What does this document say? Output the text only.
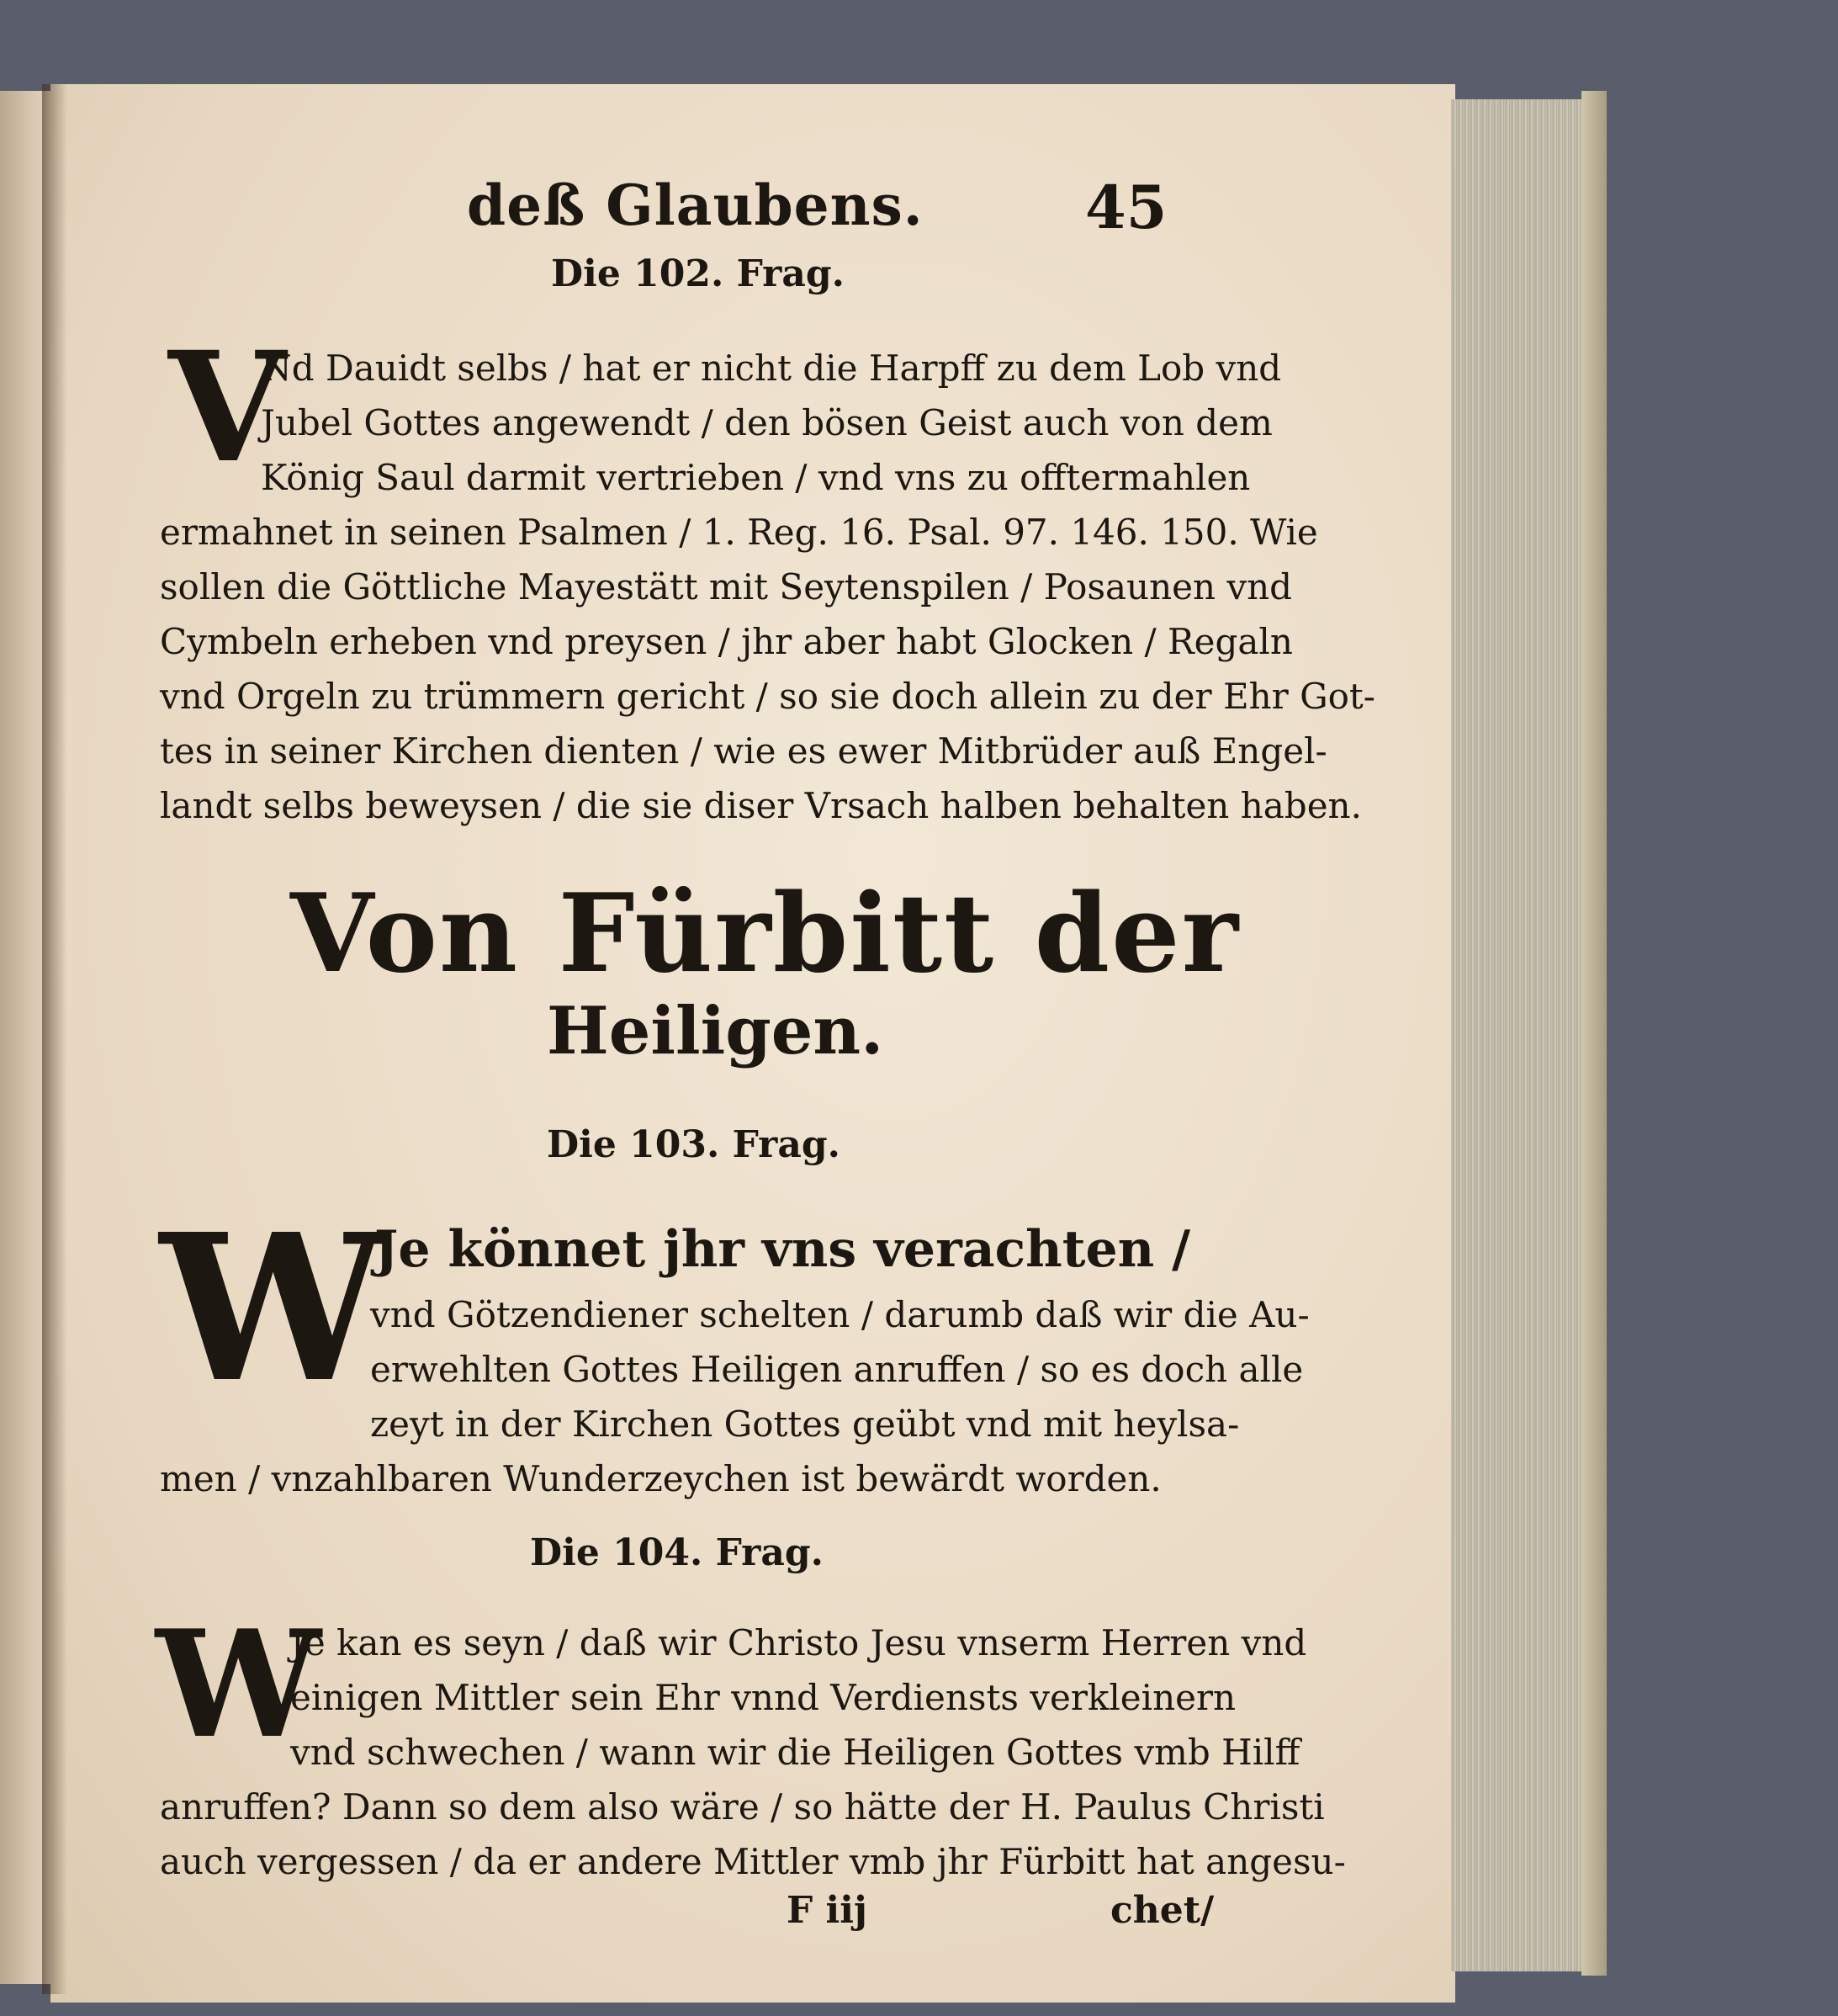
deß Glaubens.	45
Die 102. Frag.
V
Nd Dauidt selbs / hat er nicht die Harpff zu dem Lob vnd
Jubel Gottes angewendt / den bösen Geist auch von dem
König Saul darmit vertrieben / vnd vns zu offtermahlen
ermahnet in seinen Psalmen / 1. Reg. 16. Psal. 97. 146. 150. Wie
sollen die Göttliche Mayestätt mit Seytenspilen / Posaunen vnd
Cymbeln erheben vnd preysen / jhr aber habt Glocken / Regaln
vnd Orgeln zu trümmern gericht / so sie doch allein zu der Ehr Got-
tes in seiner Kirchen dienten / wie es ewer Mitbrüder auß Engel-
landt selbs beweysen / die sie diser Vrsach halben behalten haben.
Von Fürbitt der
Heiligen.
Die 103. Frag.
W
Je könnet jhr vns verachten /
vnd Götzendiener schelten / darumb daß wir die Au-
erwehlten Gottes Heiligen anruffen / so es doch alle
zeyt in der Kirchen Gottes geübt vnd mit heylsa-
men / vnzahlbaren Wunderzeychen ist bewärdt worden.
Die 104. Frag.
W
Je kan es seyn / daß wir Christo Jesu vnserm Herren vnd
einigen Mittler sein Ehr vnnd Verdiensts verkleinern
vnd schwechen / wann wir die Heiligen Gottes vmb Hilff
anruffen? Dann so dem also wäre / so hätte der H. Paulus Christi
auch vergessen / da er andere Mittler vmb jhr Fürbitt hat angesu-
F iij	chet/
